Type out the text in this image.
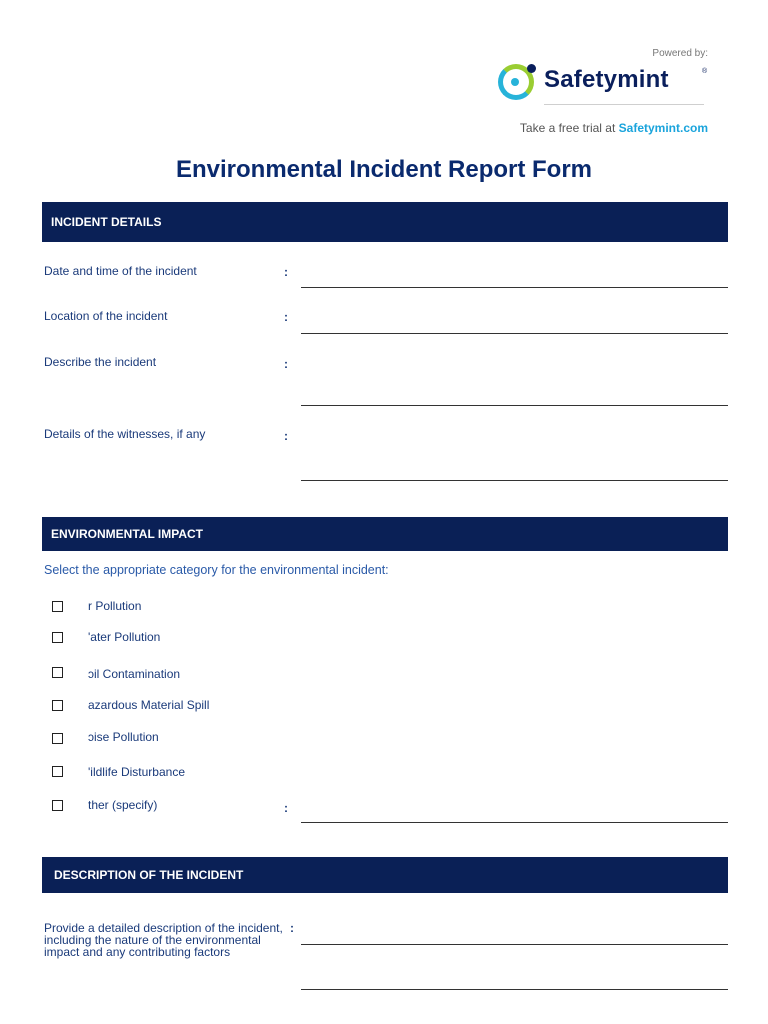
Powered by:
Safetymint	®
Take a free trial at Safetymint.com
Environmental Incident Report Form
INCIDENT DETAILS
Date and time of the incident	:
Location of the incident	:
Describe the incident	:
Details of the witnesses, if any	:
ENVIRONMENTAL IMPACT
Select the appropriate category for the environmental incident:
r Pollution
'ater Pollution
ɔil Contamination
azardous Material Spill
ɔise Pollution
'ildlife Disturbance
ther (specify)	:
DESCRIPTION OF THE INCIDENT
Provide a detailed description of the incident, including the nature of the environmental impact and any contributing factors
:
